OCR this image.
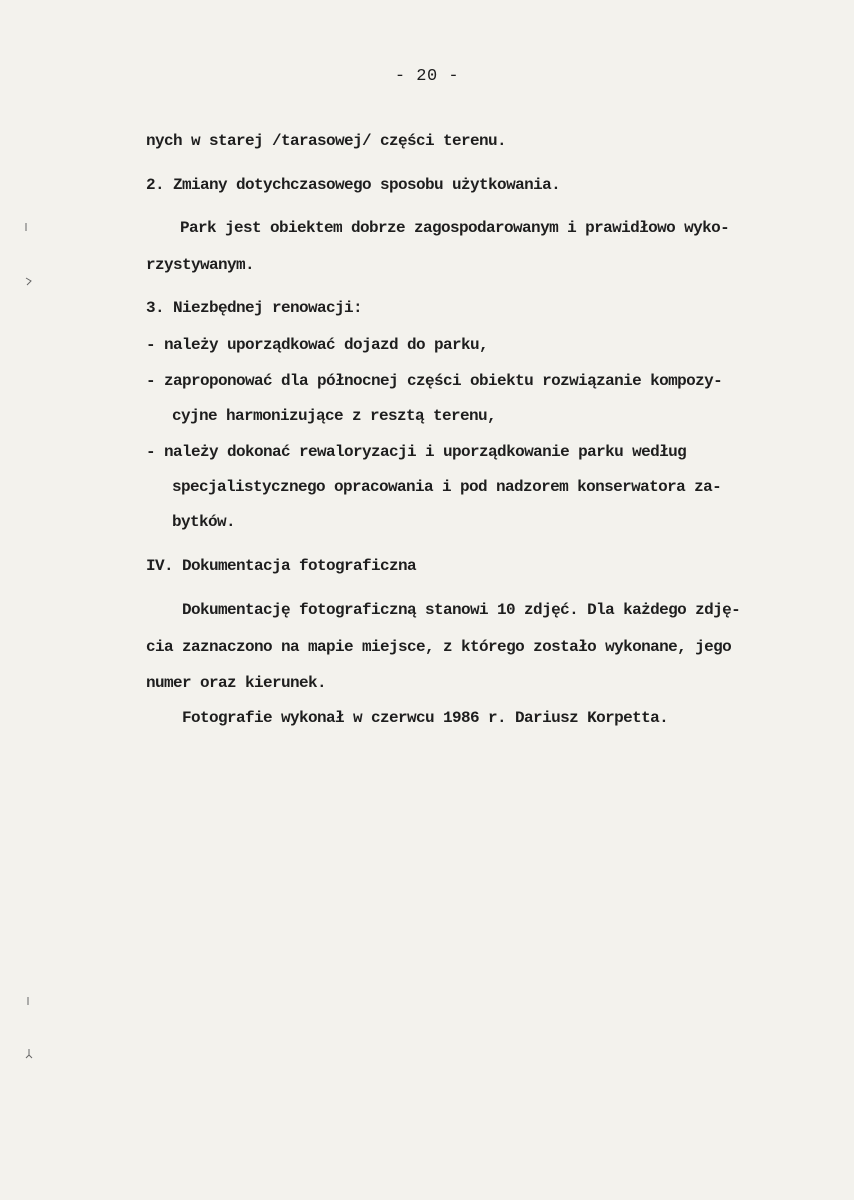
- 20 -
nych w starej /tarasowej/ części terenu.
2. Zmiany dotychczasowego sposobu użytkowania.
Park jest obiektem dobrze zagospodarowanym i prawidłowo wyko-
rzystywanym.
3. Niezbędnej renowacji:
- należy uporządkować dojazd do parku,
- zaproponować dla północnej części obiektu rozwiązanie kompozy-
cyjne harmonizujące z resztą terenu,
- należy dokonać rewaloryzacji i uporządkowanie parku według
specjalistycznego opracowania i pod nadzorem konserwatora za-
bytków.
IV. Dokumentacja fotograficzna
Dokumentację fotograficzną stanowi 10 zdjęć. Dla każdego zdję-
cia zaznaczono na mapie miejsce, z którego zostało wykonane, jego
numer oraz kierunek.
Fotografie wykonał w czerwcu 1986 r. Dariusz Korpetta.
